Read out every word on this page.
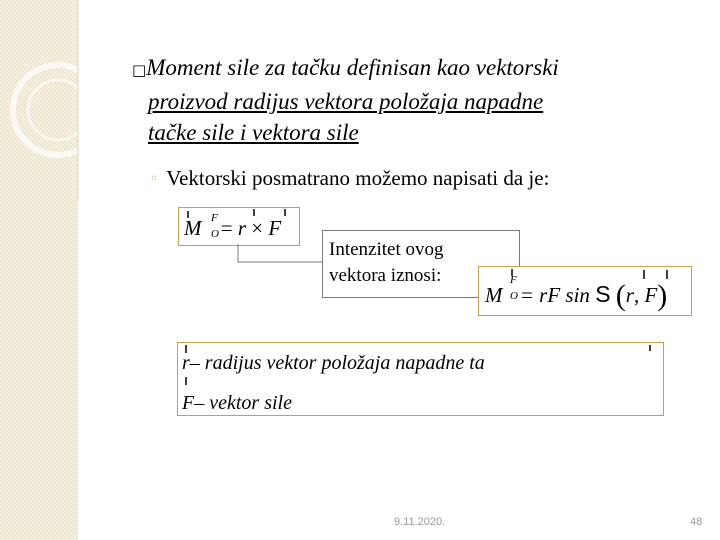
□Moment sile za tačku definisan kao vektorski
proizvod radijus vektora položaja napadne
tačke sile i vektora sile
◦ Vektorski posmatrano možemo napisati da je:
M F
O = r × F
Intenzitet ovog
vektora iznosi:
M
F
O = rF sin S (r, F)
r– radijus vektor položaja napadne ta
F– vektor sile
9.11.2020.	48
